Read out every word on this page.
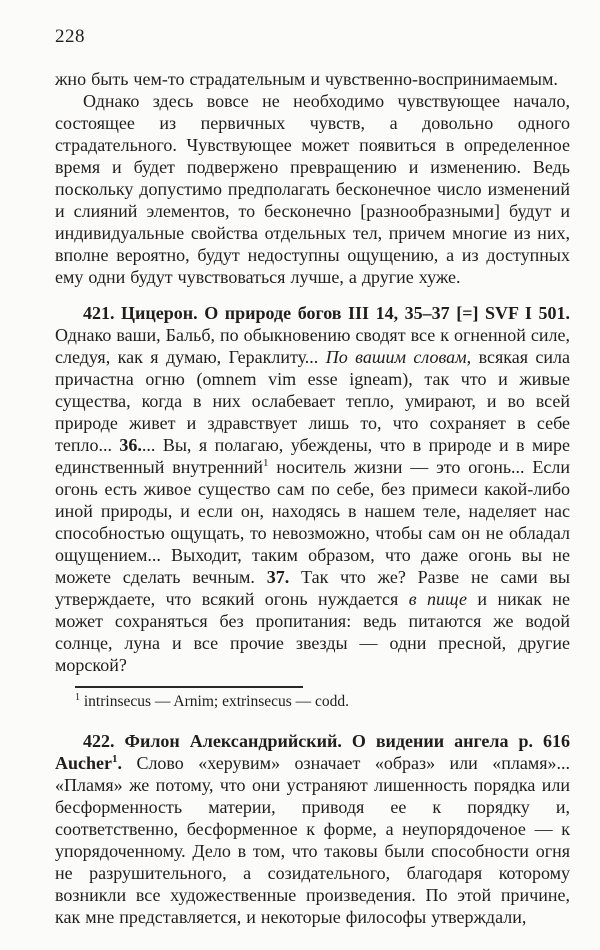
228

жно быть чем-то страдательным и чувственно-воспринимаемым.

Однако здесь вовсе не необходимо чувствующее начало, состоящее из первичных чувств, а довольно одного страдательного. Чувствующее может появиться в определенное время и будет подвержено превращению и изменению. Ведь поскольку допустимо предполагать бесконечное число изменений и слияний элементов, то бесконечно [разнообразными] будут и индивидуальные свойства отдельных тел, причем многие из них, вполне вероятно, будут недоступны ощущению, а из доступных ему одни будут чувствоваться лучше, а другие хуже.

421. Цицерон. О природе богов III 14, 35–37 [=] SVF I 501. Однако ваши, Бальб, по обыкновению сводят все к огненной силе, следуя, как я думаю, Гераклиту... По вашим словам, всякая сила причастна огню (omnem vim esse igneam), так что и живые существа, когда в них ослабевает тепло, умирают, и во всей природе живет и здравствует лишь то, что сохраняет в себе тепло... 36.... Вы, я полагаю, убеждены, что в природе и в мире единственный внутренний$^1$ носитель жизни — это огонь... Если огонь есть живое существо сам по себе, без примеси какой-либо иной природы, и если он, находясь в нашем теле, наделяет нас способностью ощущать, то невозможно, чтобы сам он не обладал ощущением... Выходит, таким образом, что даже огонь вы не можете сделать вечным. 37. Так что же? Разве не сами вы утверждаете, что всякий огонь нуждается в пище и никак не может сохраняться без пропитания: ведь питаются же водой солнце, луна и все прочие звезды — одни пресной, другие морской?

$^1$ intrinsecus — Arnim; extrinsecus — codd.

422. Филон Александрийский. О видении ангела p. 616 Aucher$^1$. Слово «херувим» означает «образ» или «пламя»... «Пламя» же потому, что они устраняют лишенность порядка или бесформенность материи, приводя ее к порядку и, соответственно, бесформенное к форме, а неупорядоченое — к упорядоченному. Дело в том, что таковы были способности огня не разрушительного, а созидательного, благодаря которому возникли все художественные произведения. По этой причине, как мне представляется, и некоторые философы утверждали,
